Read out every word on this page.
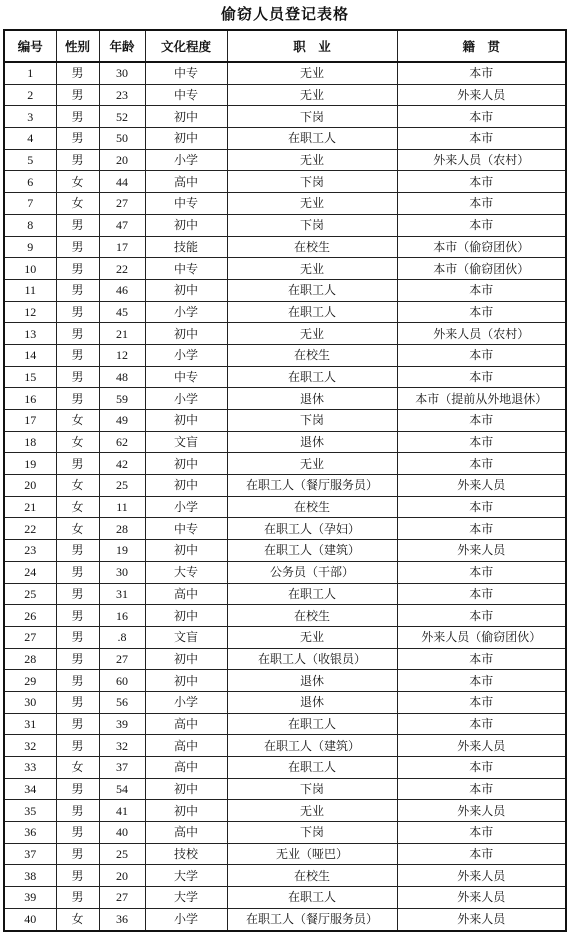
偷窃人员登记表格
编号	性别	年龄	文化程度	职　业	籍　贯
1	男	30	中专	无业	本市
2	男	23	中专	无业	外来人员
3	男	52	初中	下岗	本市
4	男	50	初中	在职工人	本市
5	男	20	小学	无业	外来人员（农村）
6	女	44	高中	下岗	本市
7	女	27	中专	无业	本市
8	男	47	初中	下岗	本市
9	男	17	技能	在校生	本市（偷窃团伙）
10	男	22	中专	无业	本市（偷窃团伙）
11	男	46	初中	在职工人	本市
12	男	45	小学	在职工人	本市
13	男	21	初中	无业	外来人员（农村）
14	男	12	小学	在校生	本市
15	男	48	中专	在职工人	本市
16	男	59	小学	退休	本市（提前从外地退休）
17	女	49	初中	下岗	本市
18	女	62	文盲	退休	本市
19	男	42	初中	无业	本市
20	女	25	初中	在职工人（餐厅服务员）	外来人员
21	女	11	小学	在校生	本市
22	女	28	中专	在职工人（孕妇）	本市
23	男	19	初中	在职工人（建筑）	外来人员
24	男	30	大专	公务员（干部）	本市
25	男	31	高中	在职工人	本市
26	男	16	初中	在校生	本市
27	男	.8	文盲	无业	外来人员（偷窃团伙）
28	男	27	初中	在职工人（收银员）	本市
29	男	60	初中	退休	本市
30	男	56	小学	退休	本市
31	男	39	高中	在职工人	本市
32	男	32	高中	在职工人（建筑）	外来人员
33	女	37	高中	在职工人	本市
34	男	54	初中	下岗	本市
35	男	41	初中	无业	外来人员
36	男	40	高中	下岗	本市
37	男	25	技校	无业（哑巴）	本市
38	男	20	大学	在校生	外来人员
39	男	27	大学	在职工人	外来人员
40	女	36	小学	在职工人（餐厅服务员）	外来人员
